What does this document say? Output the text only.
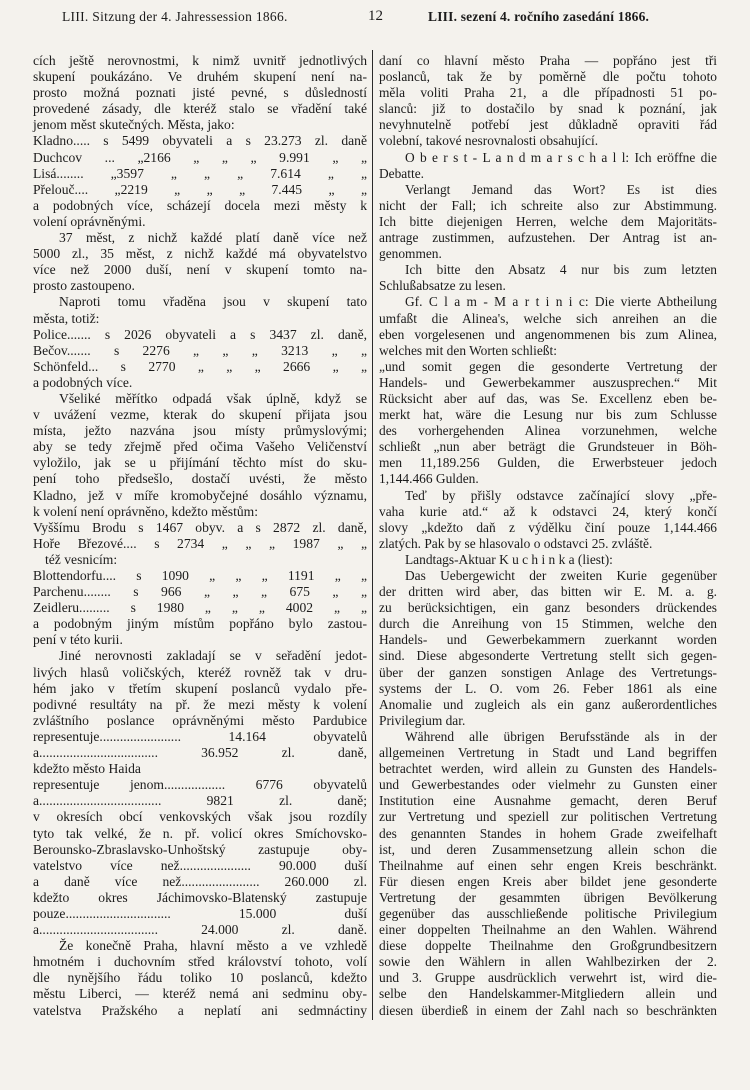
LIII. Sitzung der 4. Jahressession 1866.	12	LIII. sezení 4. ročního zasedání 1866.
cích ještě nerovnostmi, k nimž uvnitř jednotlivých
skupení poukázáno. Ve druhém skupení není na-
prosto možná poznati jisté pevné, s důsledností
provedené zásady, dle kteréž stalo se vřadění také
jenom měst skutečných. Města, jako:
Kladno..... s 5499 obyvateli a s 23.273 zl. daně
Duchcov ... „2166 „ „ „ 9.991 „ „
Lisá........ „3597 „ „ „ 7.614 „ „
Přelouč.... „2219 „ „ „ 7.445 „ „
a podobných více, scházejí docela mezi městy k
volení oprávněnými.
37 měst, z nichž každé platí daně více než
5000 zl., 35 měst, z nichž každé má obyvatelstvo
více než 2000 duší, není v skupení tomto na-
prosto zastoupeno.
Naproti tomu vřaděna jsou v skupení tato
města, totiž:
Police....... s 2026 obyvateli a s 3437 zl. daně,
Bečov....... s 2276 „ „ „ 3213 „ „
Schönfeld... s 2770 „ „ „ 2666 „ „
a podobných více.
Všeliké měřítko odpadá však úplně, když se
v uvážení vezme, kterak do skupení přijata jsou
místa, ježto nazvána jsou místy průmyslovými;
aby se tedy zřejmě před očima Vašeho Veličenství
vyložilo, jak se u přijímání těchto míst do sku-
pení toho předsešlo, dostačí uvésti, že město
Kladno, jež v míře kromobyčejné dosáhlo významu,
k volení není oprávněno, kdežto městům:
Vyššímu Brodu s 1467 obyv. a s 2872 zl. daně,
Hoře Březové.... s 2734 „ „ „ 1987 „ „
též vesnicím:
Blottendorfu.... s 1090 „ „ „ 1191 „ „
Parchenu........ s 966 „ „ „ 675 „ „
Zeidleru......... s 1980 „ „ „ 4002 „ „
a podobným jiným místům popřáno bylo zastou-
pení v této kurii.
Jiné nerovnosti zakladají se v seřadění jedot-
livých hlasů voličských, kteréž rovněž tak v dru-
hém jako v třetím skupení poslanců vydalo pře-
podivné resultáty na př. že mezi městy k volení
zvláštního poslance oprávněnými město Pardubice
representuje........................ 14.164 obyvatelů
a................................... 36.952 zl. daně,
kdežto město Haida
representuje jenom.................. 6776 obyvatelů
a.................................... 9821 zl. daně;
v okresích obcí venkovských však jsou rozdíly
tyto tak velké, že n. př. volicí okres Smíchovsko-
Berounsko-Zbraslavsko-Unhoštský zastupuje oby-
vatelstvo více než..................... 90.000 duší
a daně více než....................... 260.000 zl.
kdežto okres Jáchimovsko-Blatenský zastupuje
pouze............................... 15.000 duší
a................................... 24.000 zl. daně.
Že konečně Praha, hlavní město a ve vzhledě
hmotném i duchovním střed království tohoto, volí
dle nynějšího řádu toliko 10 poslanců, kdežto
městu Liberci, — kteréž nemá ani sedminu oby-
vatelstva Pražského a neplatí ani sedmnáctiny
daní co hlavní město Praha — popřáno jest tři
poslanců, tak že by poměrně dle počtu tohoto
měla voliti Praha 21, a dle případnosti 51 po-
slanců: již to dostačilo by snad k poznání, jak
nevyhnutelně potřebí jest důkladně opraviti řád
volební, takové nesrovnalosti obsahující.
O b e r s t - L a n d m a r s c h a l l: Ich eröffne die
Debatte.
Verlangt Jemand das Wort? Es ist dies
nicht der Fall; ich schreite also zur Abstimmung.
Ich bitte diejenigen Herren, welche dem Majoritäts-
antrage zustimmen, aufzustehen. Der Antrag ist an-
genommen.
Ich bitte den Absatz 4 nur bis zum letzten
Schlußabsatze zu lesen.
Gf. C l a m - M a r t i n i c: Die vierte Abtheilung
umfaßt die Alinea's, welche sich anreihen an die
eben vorgelesenen und angenommenen bis zum Alinea,
welches mit den Worten schließt:
„und somit gegen die gesonderte Vertretung der
Handels- und Gewerbekammer auszusprechen.“ Mit
Rücksicht aber auf das, was Se. Excellenz eben be-
merkt hat, wäre die Lesung nur bis zum Schlusse
des vorhergehenden Alinea vorzunehmen, welche
schließt „nun aber beträgt die Grundsteuer in Böh-
men 11,189.256 Gulden, die Erwerbsteuer jedoch
1,144.466 Gulden.
Teď by přišly odstavce začínající slovy „pře-
vaha kurie atd.“ až k odstavci 24, který končí
slovy „kdežto daň z výdělku činí pouze 1,144.466
zlatých. Pak by se hlasovalo o odstavci 25. zvláště.
Landtags-Aktuar K u c h i n k a (liest):
Das Uebergewicht der zweiten Kurie gegenüber
der dritten wird aber, das bitten wir E. M. a. g.
zu berücksichtigen, ein ganz besonders drückendes
durch die Anreihung von 15 Stimmen, welche den
Handels- und Gewerbekammern zuerkannt worden
sind. Diese abgesonderte Vertretung stellt sich gegen-
über der ganzen sonstigen Anlage des Vertretungs-
systems der L. O. vom 26. Feber 1861 als eine
Anomalie und zugleich als ein ganz außerordentliches
Privilegium dar.
Während alle übrigen Berufsstände als in der
allgemeinen Vertretung in Stadt und Land begriffen
betrachtet werden, wird allein zu Gunsten des Handels-
und Gewerbestandes oder vielmehr zu Gunsten einer
Institution eine Ausnahme gemacht, deren Beruf
zur Vertretung und speziell zur politischen Vertretung
des genannten Standes in hohem Grade zweifelhaft
ist, und deren Zusammensetzung allein schon die
Theilnahme auf einen sehr engen Kreis beschränkt.
Für diesen engen Kreis aber bildet jene gesonderte
Vertretung der gesammten übrigen Bevölkerung
gegenüber das ausschließende politische Privilegium
einer doppelten Theilnahme an den Wahlen. Während
diese doppelte Theilnahme den Großgrundbesitzern
sowie den Wählern in allen Wahlbezirken der 2.
und 3. Gruppe ausdrücklich verwehrt ist, wird die-
selbe den Handelskammer-Mitgliedern allein und
diesen überdieß in einem der Zahl nach so beschränkten
